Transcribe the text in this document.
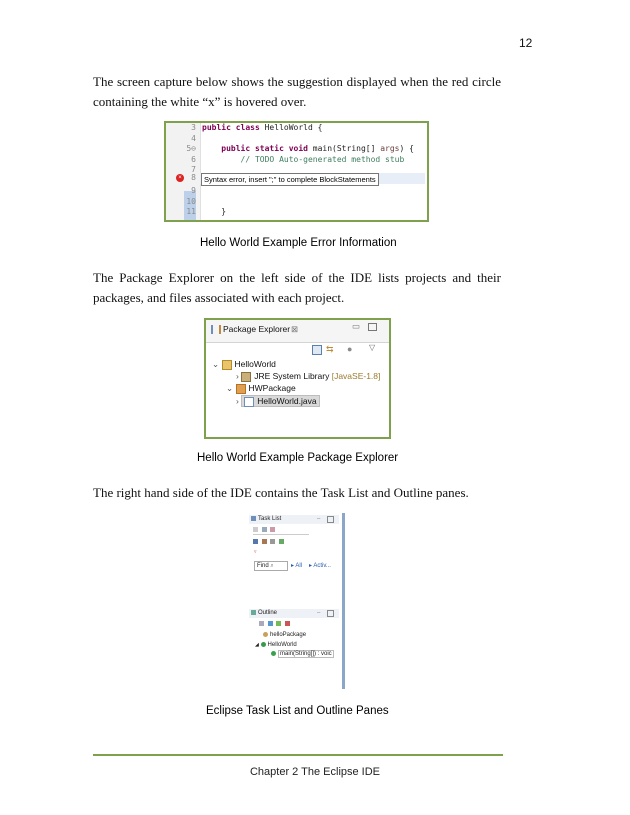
12
The screen capture below shows the suggestion displayed when the red circle containing the white “x” is hovered over.
3
4
5⊖
6
7
8
9
10
11
×
public class HelloWorld {
public static void main(String[] args) {
// TODO Auto-generated method stub
}
Syntax error, insert ";" to complete BlockStatements
Hello World Example Error Information
The Package Explorer on the left side of the IDE lists projects and their packages, and files associated with each project.
Package Explorer ⊠	▭
⇆ ● ▽
⌄ HelloWorld
› JRE System Library [JavaSE-1.8]
⌄ HWPackage
› HelloWorld.java
Hello World Example Package Explorer
The right hand side of the IDE contains the Task List and Outline panes.
Task List	–

▿
Find ⌕	▸ All ▸ Activ...
Outline	–

helloPackage
◢ HelloWorld
main(String[]) : voic
Eclipse Task List and Outline Panes
Chapter 2 The Eclipse IDE
